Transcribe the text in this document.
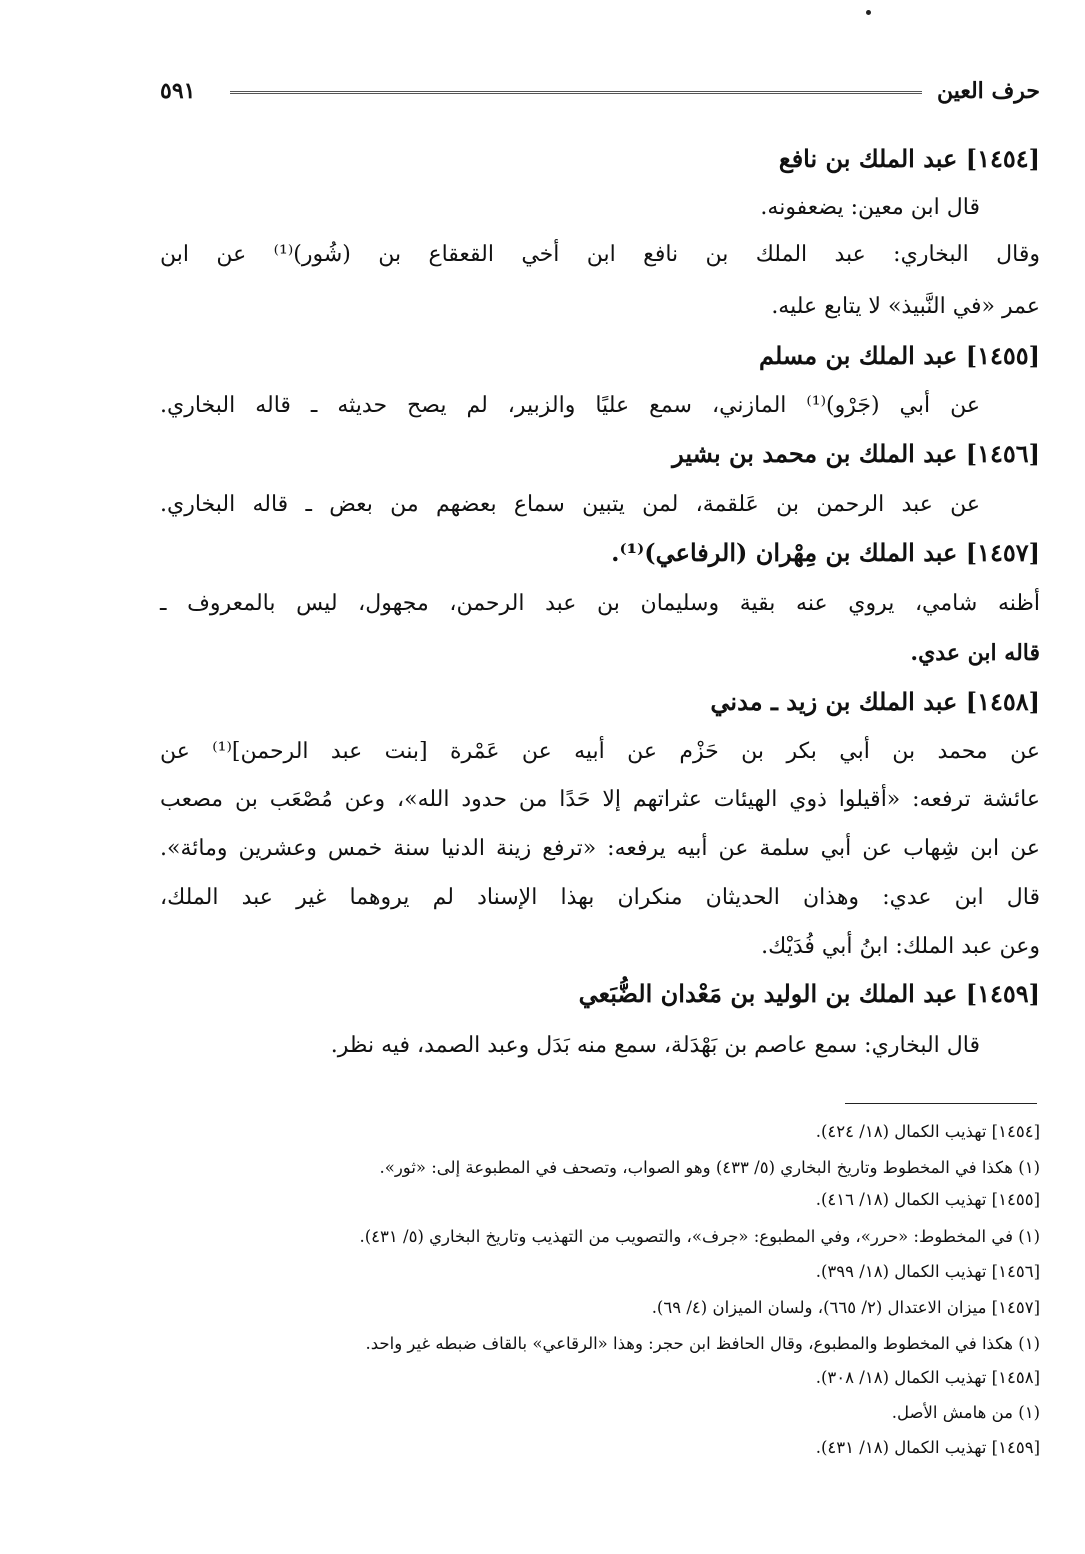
حرف العين
٥٩١
[١٤٥٤] عبد الملك بن نافع
قال ابن معين: يضعفونه.
وقال البخاري: عبد الملك بن نافع ابن أخي القعقاع بن (شُور)⁽¹⁾ عن ابن
عمر «في النَّبيذ» لا يتابع عليه.
[١٤٥٥] عبد الملك بن مسلم
عن أبي (جَرْو)⁽¹⁾ المازني، سمع عليًا والزبير، لم يصح حديثه ـ قاله البخاري.
[١٤٥٦] عبد الملك بن محمد بن بشير
عن عبد الرحمن بن عَلقمة، لمن يتبين سماع بعضهم من بعض ـ قاله البخاري.
[١٤٥٧] عبد الملك بن مِهْران (الرفاعي)⁽¹⁾.
أظنه شامي، يروي عنه بقية وسليمان بن عبد الرحمن، مجهول، ليس بالمعروف ـ
قاله ابن عدي.
[١٤٥٨] عبد الملك بن زيد ـ مدني
عن محمد بن أبي بكر بن حَزْم عن أبيه عن عَمْرة [بنت عبد الرحمن]⁽¹⁾ عن
عائشة ترفعه: «أقيلوا ذوي الهيئات عثراتهم إلا حَدًا من حدود الله»، وعن مُصْعَب بن مصعب
عن ابن شِهاب عن أبي سلمة عن أبيه يرفعه: «ترفع زينة الدنيا سنة خمس وعشرين ومائة».
قال ابن عدي: وهذان الحديثان منكران بهذا الإسناد لم يروهما غير عبد الملك،
وعن عبد الملك: ابنُ أبي فُدَيْك.
[١٤٥٩] عبد الملك بن الوليد بن مَعْدان الضُّبَعي
قال البخاري: سمع عاصم بن بَهْدَلة، سمع منه بَدَل وعبد الصمد، فيه نظر.
[١٤٥٤] تهذيب الكمال (١٨/ ٤٢٤).
(١) هكذا في المخطوط وتاريخ البخاري (٥/ ٤٣٣) وهو الصواب، وتصحف في المطبوعة إلى: «ثور».
[١٤٥٥] تهذيب الكمال (١٨/ ٤١٦).
(١) في المخطوط: «حرر»، وفي المطبوع: «جرف»، والتصويب من التهذيب وتاريخ البخاري (٥/ ٤٣١).
[١٤٥٦] تهذيب الكمال (١٨/ ٣٩٩).
[١٤٥٧] ميزان الاعتدال (٢/ ٦٦٥)، ولسان الميزان (٤/ ٦٩).
(١) هكذا في المخطوط والمطبوع، وقال الحافظ ابن حجر: وهذا «الرقاعي» بالقاف ضبطه غير واحد.
[١٤٥٨] تهذيب الكمال (١٨/ ٣٠٨).
(١) من هامش الأصل.
[١٤٥٩] تهذيب الكمال (١٨/ ٤٣١).
